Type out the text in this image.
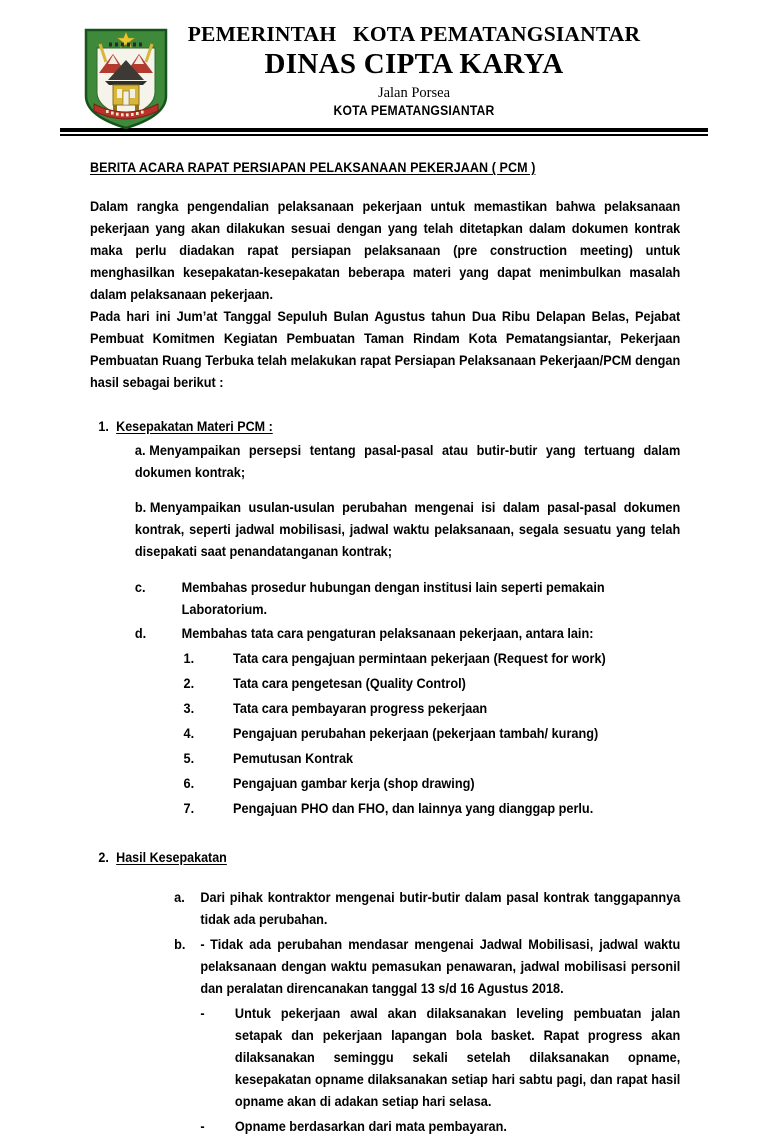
PEMERINTAH   KOTA PEMATANGSIANTAR
DINAS CIPTA KARYA
Jalan Porsea
KOTA PEMATANGSIANTAR
BERITA ACARA RAPAT PERSIAPAN PELAKSANAAN PEKERJAAN ( PCM )

Dalam rangka pengendalian pelaksanaan pekerjaan untuk memastikan bahwa pelaksanaan pekerjaan yang akan dilakukan sesuai dengan yang telah ditetapkan dalam dokumen kontrak maka perlu diadakan rapat persiapan pelaksanaan (pre construction meeting) untuk menghasilkan kesepakatan-kesepakatan beberapa materi yang dapat menimbulkan masalah dalam pelaksanaan pekerjaan.

Pada hari ini Jum’at Tanggal Sepuluh Bulan Agustus tahun Dua Ribu Delapan Belas, Pejabat Pembuat Komitmen Kegiatan Pembuatan Taman Rindam Kota Pematangsiantar, Pekerjaan Pembuatan Ruang Terbuka telah melakukan rapat Persiapan Pelaksanaan Pekerjaan/PCM dengan hasil sebagai berikut :

1. Kesepakatan Materi PCM :

a. Menyampaikan persepsi tentang pasal-pasal atau butir-butir yang tertuang dalam dokumen kontrak;

b. Menyampaikan usulan-usulan perubahan mengenai isi dalam pasal-pasal dokumen kontrak, seperti jadwal mobilisasi, jadwal waktu pelaksanaan, segala sesuatu yang telah disepakati saat penandatanganan kontrak;

c.	Membahas prosedur hubungan dengan institusi lain seperti pemakain Laboratorium.
d.	Membahas tata cara pengaturan pelaksanaan pekerjaan, antara lain:
1.	Tata cara pengajuan permintaan pekerjaan (Request for work)
2.	Tata cara pengetesan (Quality Control)
3.	Tata cara pembayaran progress pekerjaan
4.	Pengajuan perubahan pekerjaan (pekerjaan tambah/ kurang)
5.	Pemutusan Kontrak
6.	Pengajuan gambar kerja (shop drawing)
7.	Pengajuan PHO dan FHO, dan lainnya yang dianggap perlu.
2. Hasil Kesepakatan
a.	Dari pihak kontraktor mengenai butir-butir dalam pasal kontrak tanggapannya tidak ada perubahan.
b.	- Tidak ada perubahan mendasar mengenai Jadwal Mobilisasi, jadwal waktu pelaksanaan dengan waktu pemasukan penawaran, jadwal mobilisasi personil dan peralatan direncanakan tanggal 13 s/d 16 Agustus 2018.
-	Untuk pekerjaan awal akan dilaksanakan leveling pembuatan jalan setapak dan pekerjaan lapangan bola basket. Rapat progress akan dilaksanakan seminggu sekali setelah dilaksanakan opname, kesepakatan opname dilaksanakan setiap hari sabtu pagi, dan rapat hasil opname akan di adakan setiap hari selasa.
-	Opname berdasarkan dari mata pembayaran.
